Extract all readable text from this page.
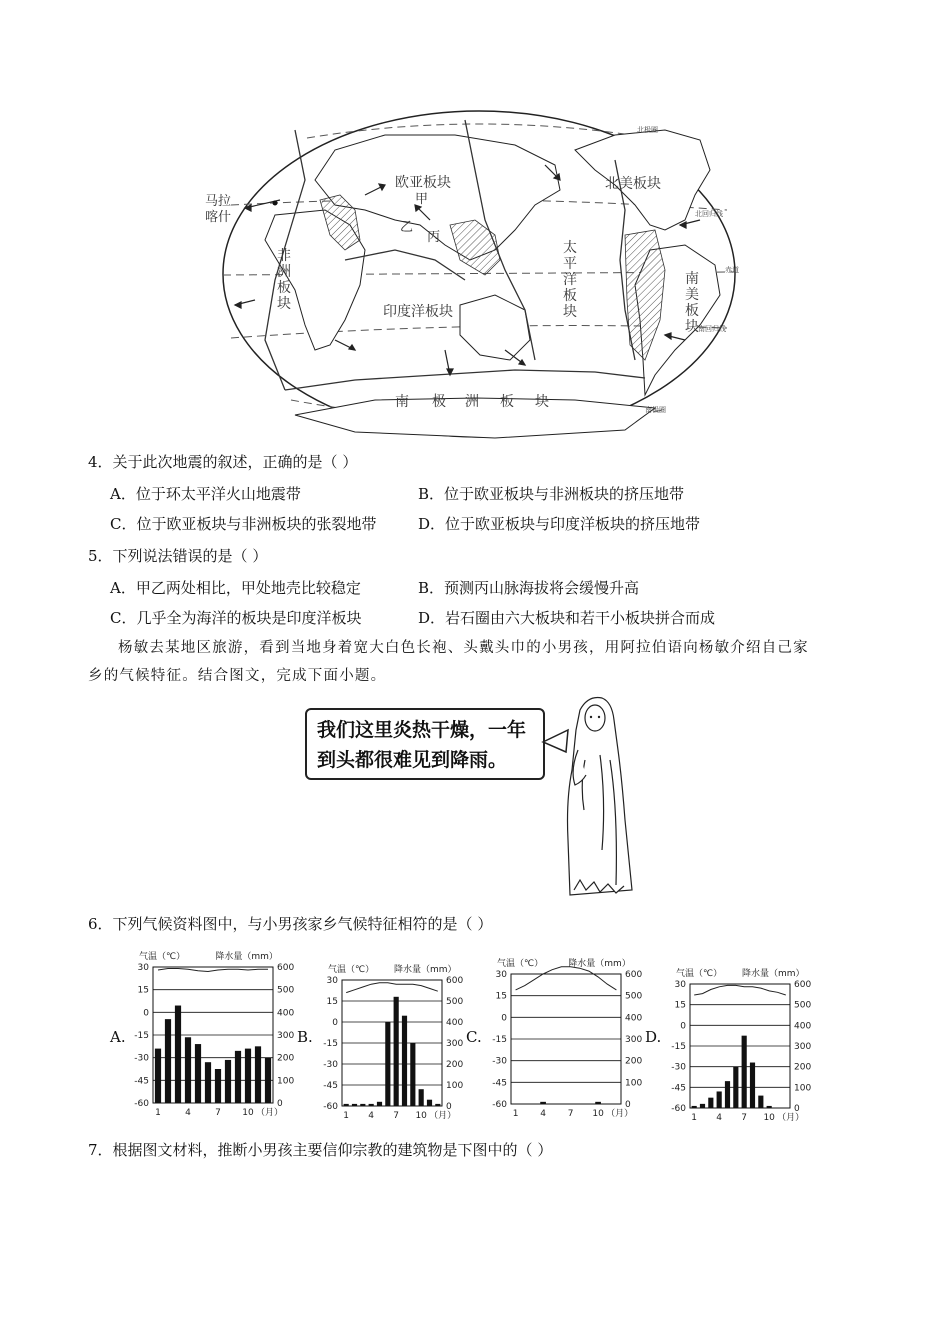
马拉
喀什
欧亚板块
甲
乙
丙
北美板块
印度洋板块
非
洲
板
块
太
平
洋
板
块
南
美
板
块
南 极 洲 板 块
北极圈
北回归线
赤道
南回归线
南极圈
4．关于此次地震的叙述，正确的是（ ）
A．位于环太平洋火山地震带	B．位于欧亚板块与非洲板块的挤压地带
C．位于欧亚板块与非洲板块的张裂地带	D．位于欧亚板块与印度洋板块的挤压地带
5．下列说法错误的是（ ）
A．甲乙两处相比，甲处地壳比较稳定	B．预测丙山脉海拔将会缓慢升高
C．几乎全为海洋的板块是印度洋板块	D．岩石圈由六大板块和若干小板块拼合而成
杨敏去某地区旅游，看到当地身着宽大白色长袍、头戴头巾的小男孩，用阿拉伯语向杨敏介绍自己家
乡的气候特征。结合图文，完成下面小题。
我们这里炎热干燥，一年
到头都很难见到降雨。
6．下列气候资料图中，与小男孩家乡气候特征相符的是（ ）
A.
气温（℃）	降水量（mm）
30	600
15	500
0	400
-15	300
-30	200
-45	100
-60	0
1	4	7 10 （月）
B.
气温（℃） 降水量（mm）
30	600
15	500
0	400
-15	300
-30	200
-45	100
-60	0
1 4 7 10 （月）
C.
气温（℃）	降水量（mm）
30	600
15	500
0	400
-15	300
-30	200
-45	100
-60	0
1 4 7 10 （月）
D.
气温（℃） 降水量（mm）
30	600
15	500
0	400
-15	300
-30	200
-45	100
-60	0
1 4 7 10 （月）
7．根据图文材料，推断小男孩主要信仰宗教的建筑物是下图中的（ ）
